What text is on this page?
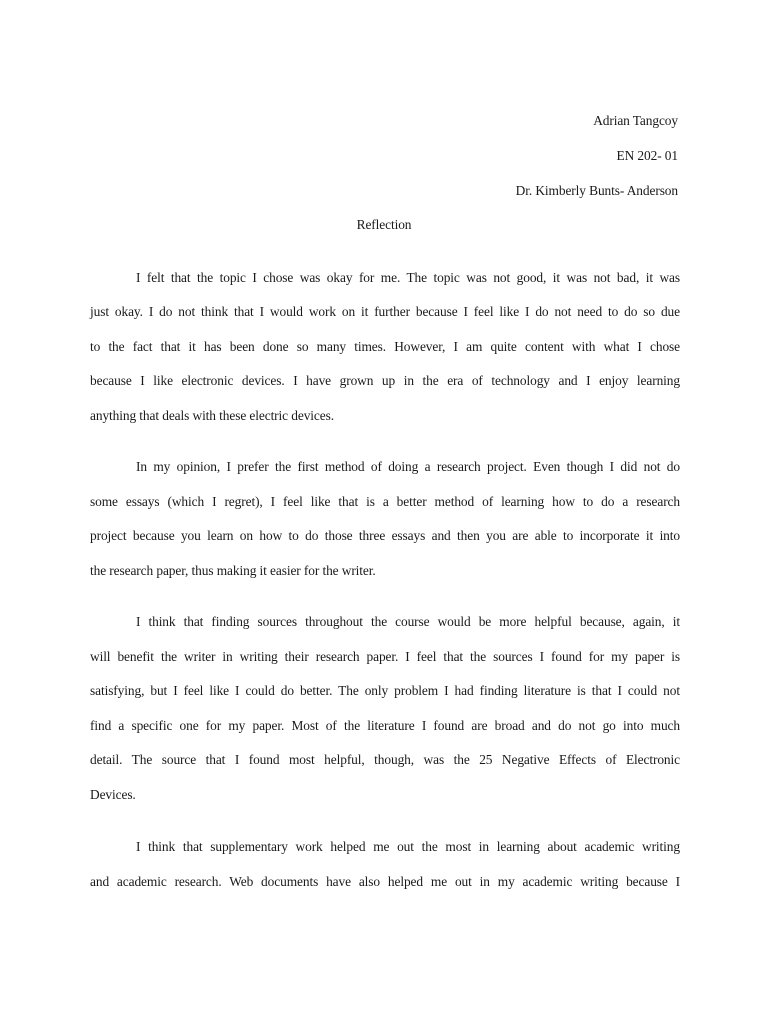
Adrian Tangcoy
EN 202- 01
Dr. Kimberly Bunts- Anderson
Reflection
I felt that the topic I chose was okay for me. The topic was not good, it was not bad, it was
just okay. I do not think that I would work on it further because I feel like I do not need to do so due
to the fact that it has been done so many times. However, I am quite content with what I chose
because I like electronic devices. I have grown up in the era of technology and I enjoy learning
anything that deals with these electric devices.
In my opinion, I prefer the first method of doing a research project. Even though I did not do
some essays (which I regret), I feel like that is a better method of learning how to do a research
project because you learn on how to do those three essays and then you are able to incorporate it into
the research paper, thus making it easier for the writer.
I think that finding sources throughout the course would be more helpful because, again, it
will benefit the writer in writing their research paper. I feel that the sources I found for my paper is
satisfying, but I feel like I could do better. The only problem I had finding literature is that I could not
find a specific one for my paper. Most of the literature I found are broad and do not go into much
detail. The source that I found most helpful, though, was the 25 Negative Effects of Electronic
Devices.
I think that supplementary work helped me out the most in learning about academic writing
and academic research. Web documents have also helped me out in my academic writing because I
